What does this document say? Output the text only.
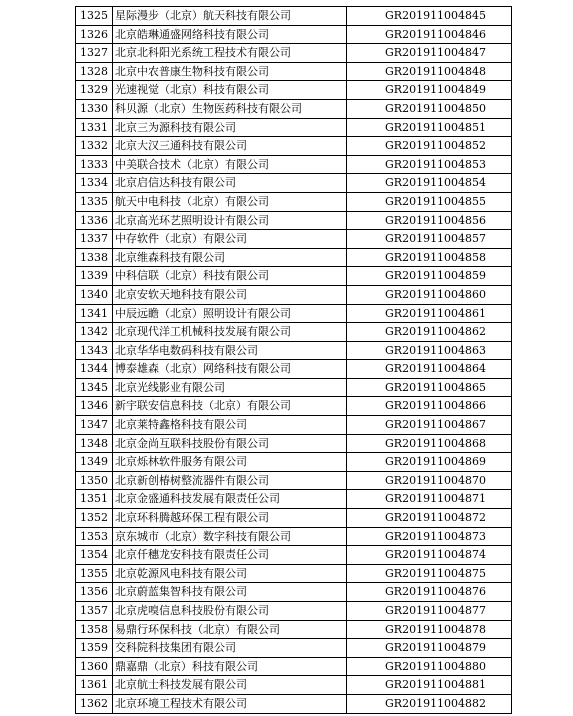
1325	星际漫步（北京）航天科技有限公司	GR201911004845
1326	北京皓琳通盛网络科技有限公司	GR201911004846
1327	北京北科阳光系统工程技术有限公司	GR201911004847
1328	北京中农普康生物科技有限公司	GR201911004848
1329	光速视觉（北京）科技有限公司	GR201911004849
1330	科贝源（北京）生物医药科技有限公司	GR201911004850
1331	北京三为源科技有限公司	GR201911004851
1332	北京大汉三通科技有限公司	GR201911004852
1333	中美联合技术（北京）有限公司	GR201911004853
1334	北京启信达科技有限公司	GR201911004854
1335	航天中电科技（北京）有限公司	GR201911004855
1336	北京高光环艺照明设计有限公司	GR201911004856
1337	中存软件（北京）有限公司	GR201911004857
1338	北京维森科技有限公司	GR201911004858
1339	中科信联（北京）科技有限公司	GR201911004859
1340	北京安软天地科技有限公司	GR201911004860
1341	中辰远瞻（北京）照明设计有限公司	GR201911004861
1342	北京现代洋工机械科技发展有限公司	GR201911004862
1343	北京华华电数码科技有限公司	GR201911004863
1344	博泰雄森（北京）网络科技有限公司	GR201911004864
1345	北京光线影业有限公司	GR201911004865
1346	新宇联安信息科技（北京）有限公司	GR201911004866
1347	北京莱特鑫格科技有限公司	GR201911004867
1348	北京金尚互联科技股份有限公司	GR201911004868
1349	北京烁林软件服务有限公司	GR201911004869
1350	北京新创椿树整流器件有限公司	GR201911004870
1351	北京金盛通科技发展有限责任公司	GR201911004871
1352	北京环科腾越环保工程有限公司	GR201911004872
1353	京东城市（北京）数字科技有限公司	GR201911004873
1354	北京仟穗龙安科技有限责任公司	GR201911004874
1355	北京乾源风电科技有限公司	GR201911004875
1356	北京蔚蓝集智科技有限公司	GR201911004876
1357	北京虎嗅信息科技股份有限公司	GR201911004877
1358	易鼎行环保科技（北京）有限公司	GR201911004878
1359	交科院科技集团有限公司	GR201911004879
1360	鼎嘉鼎（北京）科技有限公司	GR201911004880
1361	北京航士科技发展有限公司	GR201911004881
1362	北京环境工程技术有限公司	GR201911004882
